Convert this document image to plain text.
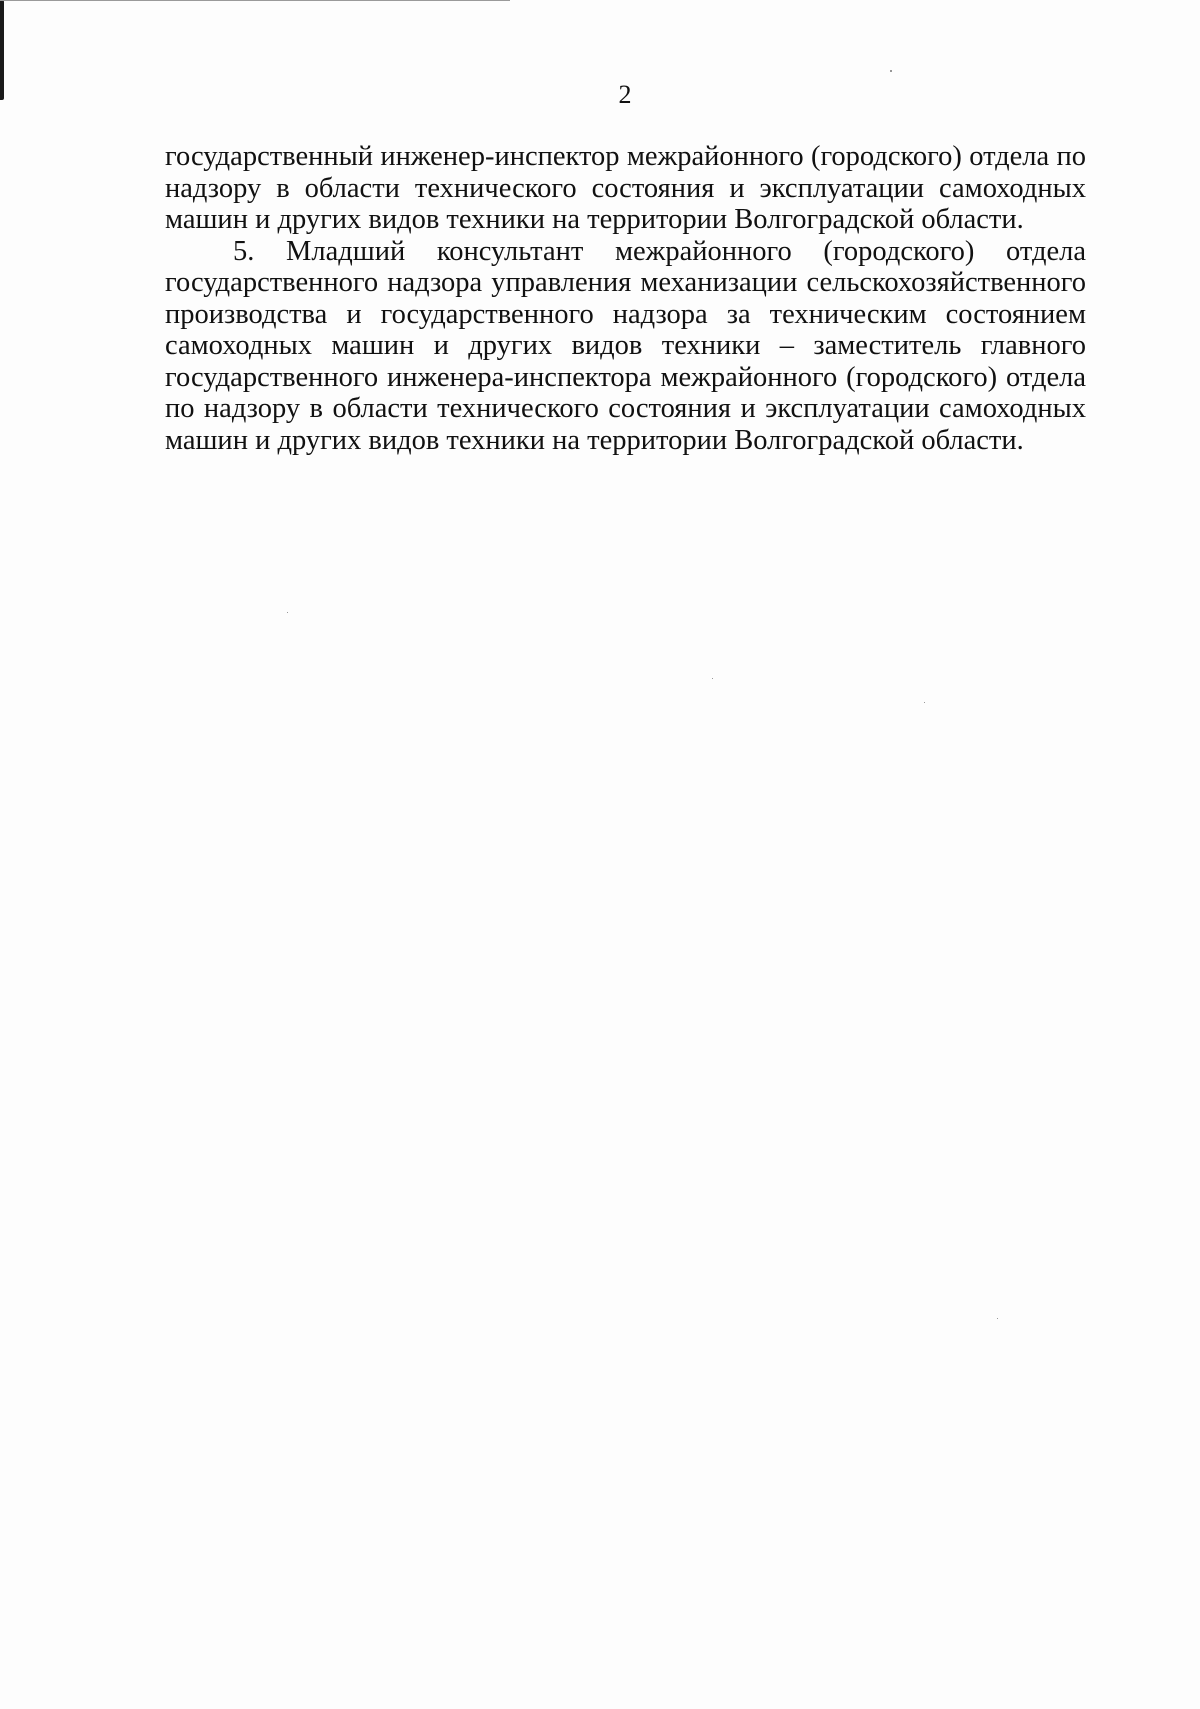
2

государственный инженер-инспектор межрайонного (городского) отдела по надзору в области технического состояния и эксплуатации самоходных машин и других видов техники на территории Волгоградской области.

5. Младший консультант межрайонного (городского) отдела государственного надзора управления механизации сельскохозяйственного производства и государственного надзора за техническим состоянием самоходных машин и других видов техники – заместитель главного государственного инженера-инспектора межрайонного (городского) отдела по надзору в области технического состояния и эксплуатации самоходных машин и других видов техники на территории Волгоградской области.
